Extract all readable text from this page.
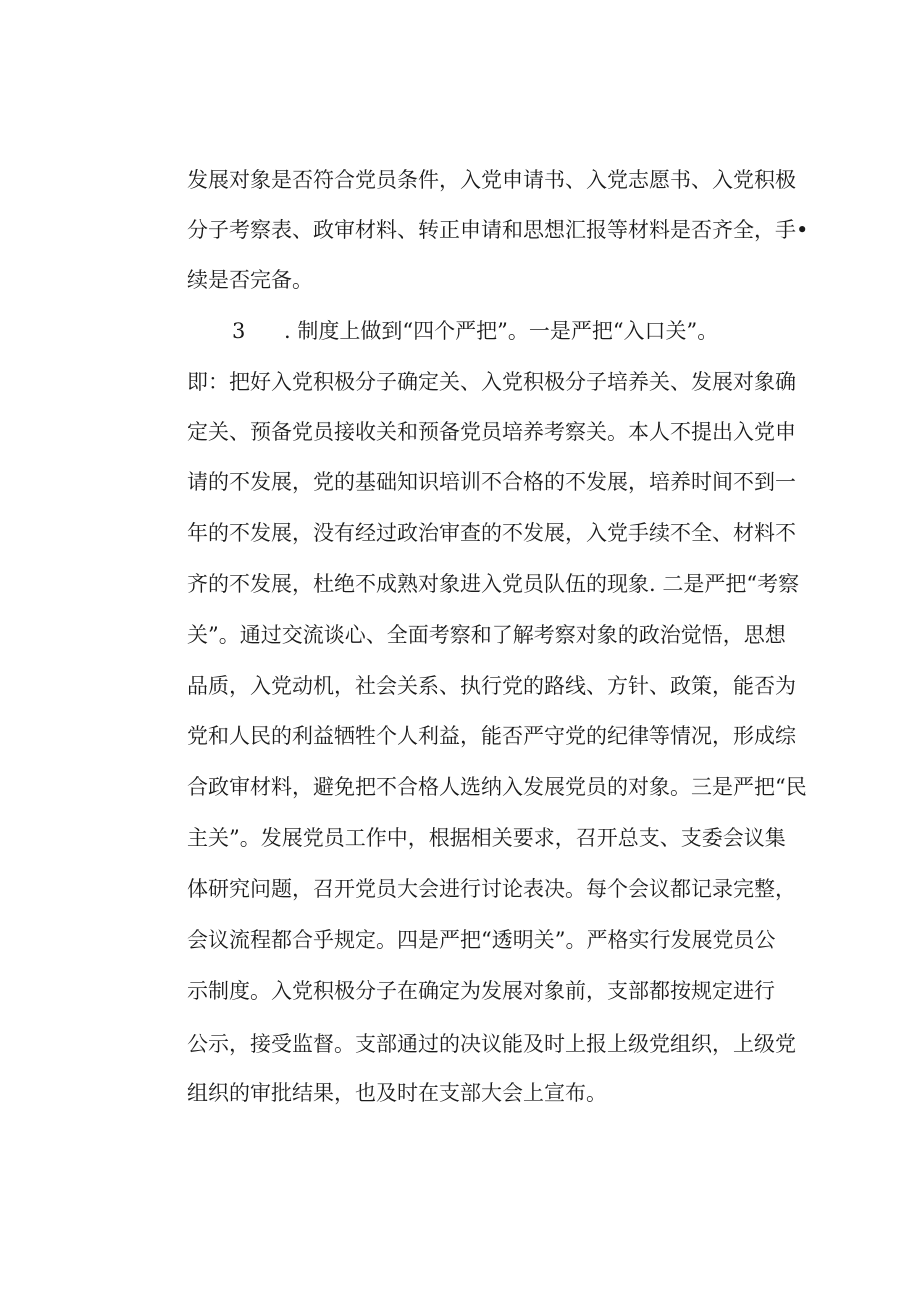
发展对象是否符合党员条件，入党申请书、入党志愿书、入党积极
分子考察表、政审材料、转正申请和思想汇报等材料是否齐全，手•
续是否完备。
3 . 制度上做到“四个严把”。一是严把“入口关”。
即：把好入党积极分子确定关、入党积极分子培养关、发展对象确
定关、预备党员接收关和预备党员培养考察关。本人不提出入党申
请的不发展，党的基础知识培训不合格的不发展，培养时间不到一
年的不发展，没有经过政治审查的不发展，入党手续不全、材料不
齐的不发展，杜绝不成熟对象进入党员队伍的现象. 二是严把“考察
关”。通过交流谈心、全面考察和了解考察对象的政治觉悟，思想
品质，入党动机，社会关系、执行党的路线、方针、政策，能否为
党和人民的利益牺牲个人利益，能否严守党的纪律等情况，形成综
合政审材料，避免把不合格人选纳入发展党员的对象。三是严把“民
主关”。发展党员工作中，根据相关要求，召开总支、支委会议集
体研究问题，召开党员大会进行讨论表决。每个会议都记录完整，
会议流程都合乎规定。四是严把“透明关”。严格实行发展党员公
示制度。入党积极分子在确定为发展对象前，支部都按规定进行
公示，接受监督。支部通过的决议能及时上报上级党组织，上级党
组织的审批结果，也及时在支部大会上宣布。
